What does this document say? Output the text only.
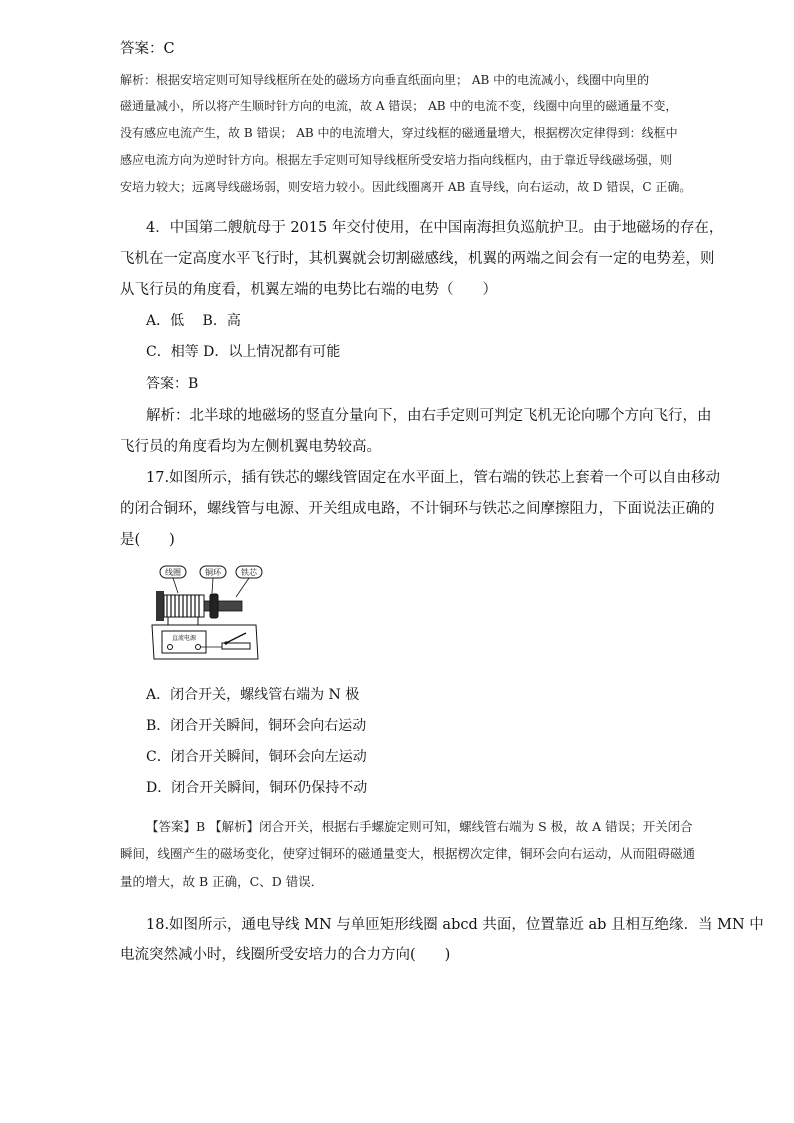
答案：C
解析：根据安培定则可知导线框所在处的磁场方向垂直纸面向里； AB 中的电流减小，线圈中向里的
磁通量减小，所以将产生顺时针方向的电流，故 A 错误； AB 中的电流不变，线圈中向里的磁通量不变，
没有感应电流产生，故 B 错误； AB 中的电流增大，穿过线框的磁通量增大，根据楞次定律得到：线框中
感应电流方向为逆时针方向。根据左手定则可知导线框所受安培力指向线框内，由于靠近导线磁场强，则
安培力较大；远离导线磁场弱，则安培力较小。因此线圈离开 AB 直导线，向右运动，故 D 错误，C 正确。
4．中国第二艘航母于 2015 年交付使用，在中国南海担负巡航护卫。由于地磁场的存在，
飞机在一定高度水平飞行时，其机翼就会切割磁感线，机翼的两端之间会有一定的电势差，则
从飞行员的角度看，机翼左端的电势比右端的电势（　　）
A．低　 B．高
C．相等 D．以上情况都有可能
答案：B
解析：北半球的地磁场的竖直分量向下，由右手定则可判定飞机无论向哪个方向飞行，由
飞行员的角度看均为左侧机翼电势较高。
17.如图所示，插有铁芯的螺线管固定在水平面上，管右端的铁芯上套着一个可以自由移动
的闭合铜环，螺线管与电源、开关组成电路，不计铜环与铁芯之间摩擦阻力，下面说法正确的
是(　　)
线圈	铜环	铁芯
直流电源
A．闭合开关，螺线管右端为 N 极
B．闭合开关瞬间，铜环会向右运动
C．闭合开关瞬间，铜环会向左运动
D．闭合开关瞬间，铜环仍保持不动
【答案】B 【解析】闭合开关，根据右手螺旋定则可知，螺线管右端为 S 极，故 A 错误；开关闭合
瞬间，线圈产生的磁场变化，使穿过铜环的磁通量变大，根据楞次定律，铜环会向右运动，从而阻碍磁通
量的增大，故 B 正确，C、D 错误．
18.如图所示，通电导线 MN 与单匝矩形线圈 abcd 共面，位置靠近 ab 且相互绝缘．当 MN 中
电流突然减小时，线圈所受安培力的合力方向(　　)
